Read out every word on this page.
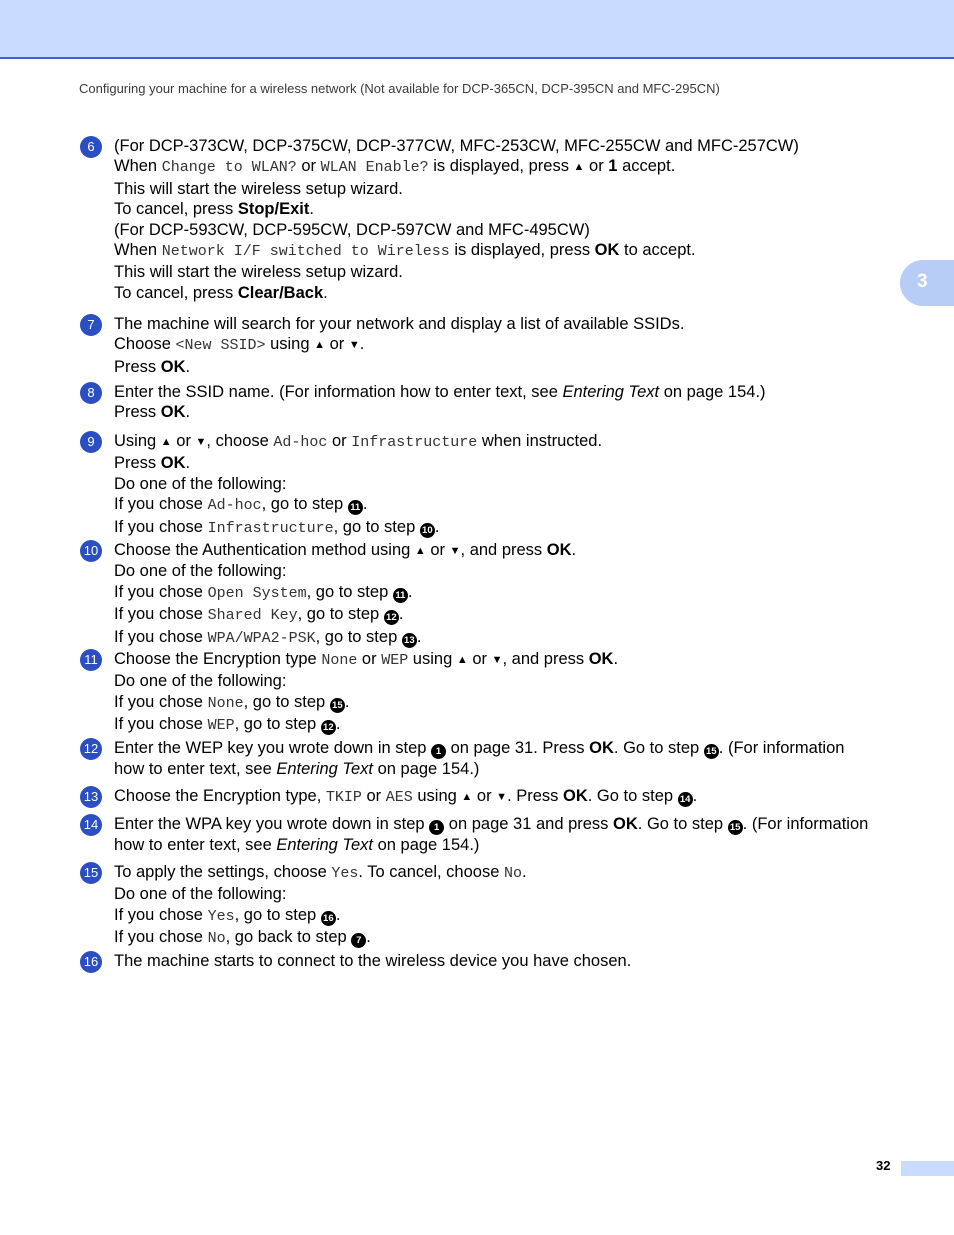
Configuring your machine for a wireless network (Not available for DCP-365CN, DCP-395CN and MFC-295CN)
3
6	(For DCP-373CW, DCP-375CW, DCP-377CW, MFC-253CW, MFC-255CW and MFC-257CW)
When Change to WLAN? or WLAN Enable? is displayed, press ▲ or 1 accept.
This will start the wireless setup wizard.
To cancel, press Stop/Exit.
(For DCP-593CW, DCP-595CW, DCP-597CW and MFC-495CW)
When Network I/F switched to Wireless is displayed, press OK to accept.
This will start the wireless setup wizard.
To cancel, press Clear/Back.
7	The machine will search for your network and display a list of available SSIDs.
Choose <New SSID> using ▲ or ▼.
Press OK.
8	Enter the SSID name. (For information how to enter text, see Entering Text on page 154.)
Press OK.
9	Using ▲ or ▼, choose Ad-hoc or Infrastructure when instructed.
Press OK.
Do one of the following:
If you chose Ad-hoc, go to step 11 .
If you chose Infrastructure, go to step 10 .
10 Choose the Authentication method using ▲ or ▼, and press OK.
Do one of the following:
If you chose Open System, go to step 11 .
If you chose Shared Key, go to step 12 .
If you chose WPA/WPA2-PSK, go to step 13 .
11 Choose the Encryption type None or WEP using ▲ or ▼, and press OK.
Do one of the following:
If you chose None, go to step 15 .
If you chose WEP, go to step 12 .
12 Enter the WEP key you wrote down in step 1 on page 31. Press OK. Go to step 15 . (For information
how to enter text, see Entering Text on page 154.)
13 Choose the Encryption type, TKIP or AES using ▲ or ▼. Press OK. Go to step 14 .
14 Enter the WPA key you wrote down in step 1 on page 31 and press OK. Go to step 15 . (For information
how to enter text, see Entering Text on page 154.)
15 To apply the settings, choose Yes. To cancel, choose No.
Do one of the following:
If you chose Yes, go to step 16 .
If you chose No, go back to step 7 .
16 The machine starts to connect to the wireless device you have chosen.
32
